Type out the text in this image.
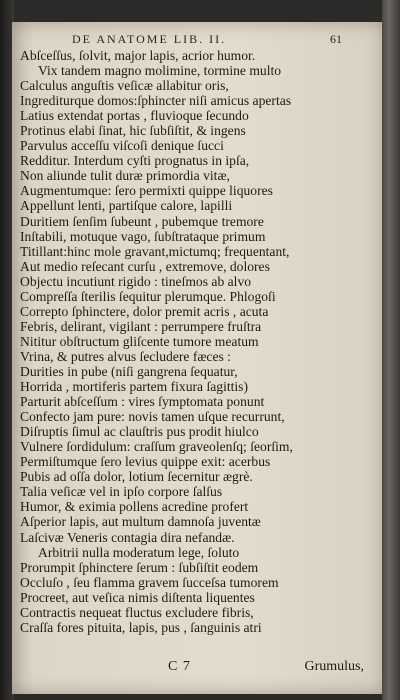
DE ANATOME LIB. II.	61
Abſceſſus, ſolvit, major lapis, acrior humor.
Vix tandem magno molimine, tormine multo
Calculus anguſtis veſicæ allabitur oris,
Ingrediturque domos:ſphincter niſi amicus apertas
Latius extendat portas , fluvioque ſecundo
Protinus elabi ſinat, hic ſubſiſtit, & ingens
Parvulus acceſſu viſcoſi denique ſucci
Redditur. Interdum cyſti prognatus in ipſa,
Non aliunde tulit duræ primordia vitæ,
Augmentumque: ſero permixti quippe liquores
Appellunt lenti, partiſque calore, lapilli
Duritiem ſenſim ſubeunt , pubemque tremore
Inſtabili, motuque vago, ſubſtrataque primum
Titillant:hinc mole gravant,mictumq; frequentant,
Aut medio reſecant curſu , extremove, dolores
Objectu incutiunt rigido : tineſmos ab alvo
Compreſſa ſterilis ſequitur plerumque. Phlogoſi
Correpto ſphinctere, dolor premit acris , acuta
Febris, delirant, vigilant : perrumpere fruſtra
Nititur obſtructum gliſcente tumore meatum
Vrina, & putres alvus ſecludere fæces :
Durities in pube (niſi gangrena ſequatur,
Horrida , mortiferis partem fixura ſagittis)
Parturit abſceſſum : vires ſymptomata ponunt
Confecto jam pure: novis tamen uſque recurrunt,
Diſruptis ſimul ac clauſtris pus prodit hiulco
Vulnere ſordidulum: craſſum graveolenſq; ſeorſim,
Permiſtumque ſero levius quippe exit: acerbus
Pubis ad oſſa dolor, lotium ſecernitur ægrè.
Talia veſicæ vel in ipſo corpore ſalſus
Humor, & eximia pollens acredine profert
Aſperior lapis, aut multum damnoſa juventæ
Laſcivæ Veneris contagia dira nefandæ.
Arbitrii nulla moderatum lege, ſoluto
Prorumpit ſphinctere ſerum : ſubſiſtit eodem
Occluſo , ſeu flamma gravem ſucceſsa tumorem
Procreet, aut veſica nimis diſtenta liquentes
Contractis nequeat fluctus excludere fibris,
Craſſa fores pituita, lapis, pus , ſanguinis atri
C 7	Grumulus,
